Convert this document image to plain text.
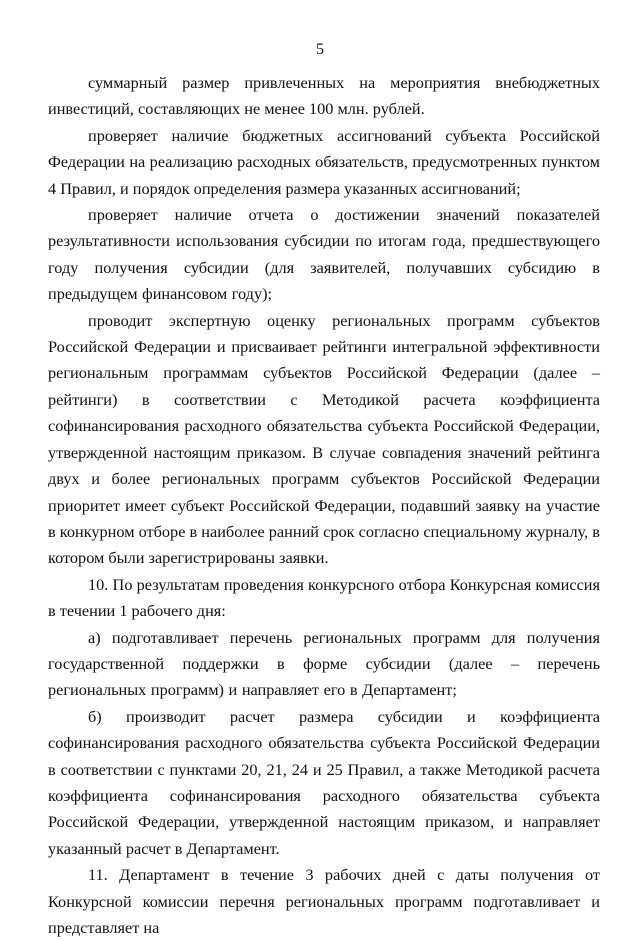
5

суммарный размер привлеченных на мероприятия внебюджетных инвестиций, составляющих не менее 100 млн. рублей.

проверяет наличие бюджетных ассигнований субъекта Российской Федерации на реализацию расходных обязательств, предусмотренных пунктом 4 Правил, и порядок определения размера указанных ассигнований;

проверяет наличие отчета о достижении значений показателей результативности использования субсидии по итогам года, предшествующего году получения субсидии (для заявителей, получавших субсидию в предыдущем финансовом году);

проводит экспертную оценку региональных программ субъектов Российской Федерации и присваивает рейтинги интегральной эффективности региональным программам субъектов Российской Федерации (далее – рейтинги) в соответствии с Методикой расчета коэффициента софинансирования расходного обязательства субъекта Российской Федерации, утвержденной настоящим приказом. В случае совпадения значений рейтинга двух и более региональных программ субъектов Российской Федерации приоритет имеет субъект Российской Федерации, подавший заявку на участие в конкурном отборе в наиболее ранний срок согласно специальному журналу, в котором были зарегистрированы заявки.

10. По результатам проведения конкурсного отбора Конкурсная комиссия в течении 1 рабочего дня:

а) подготавливает перечень региональных программ для получения государственной поддержки в форме субсидии (далее – перечень региональных программ) и направляет его в Департамент;

б) производит расчет размера субсидии и коэффициента софинансирования расходного обязательства субъекта Российской Федерации в соответствии с пунктами 20, 21, 24 и 25 Правил, а также Методикой расчета коэффициента софинансирования расходного обязательства субъекта Российской Федерации, утвержденной настоящим приказом, и направляет указанный расчет в Департамент.

11. Департамент в течение 3 рабочих дней с даты получения от Конкурсной комиссии перечня региональных программ подготавливает и представляет на
